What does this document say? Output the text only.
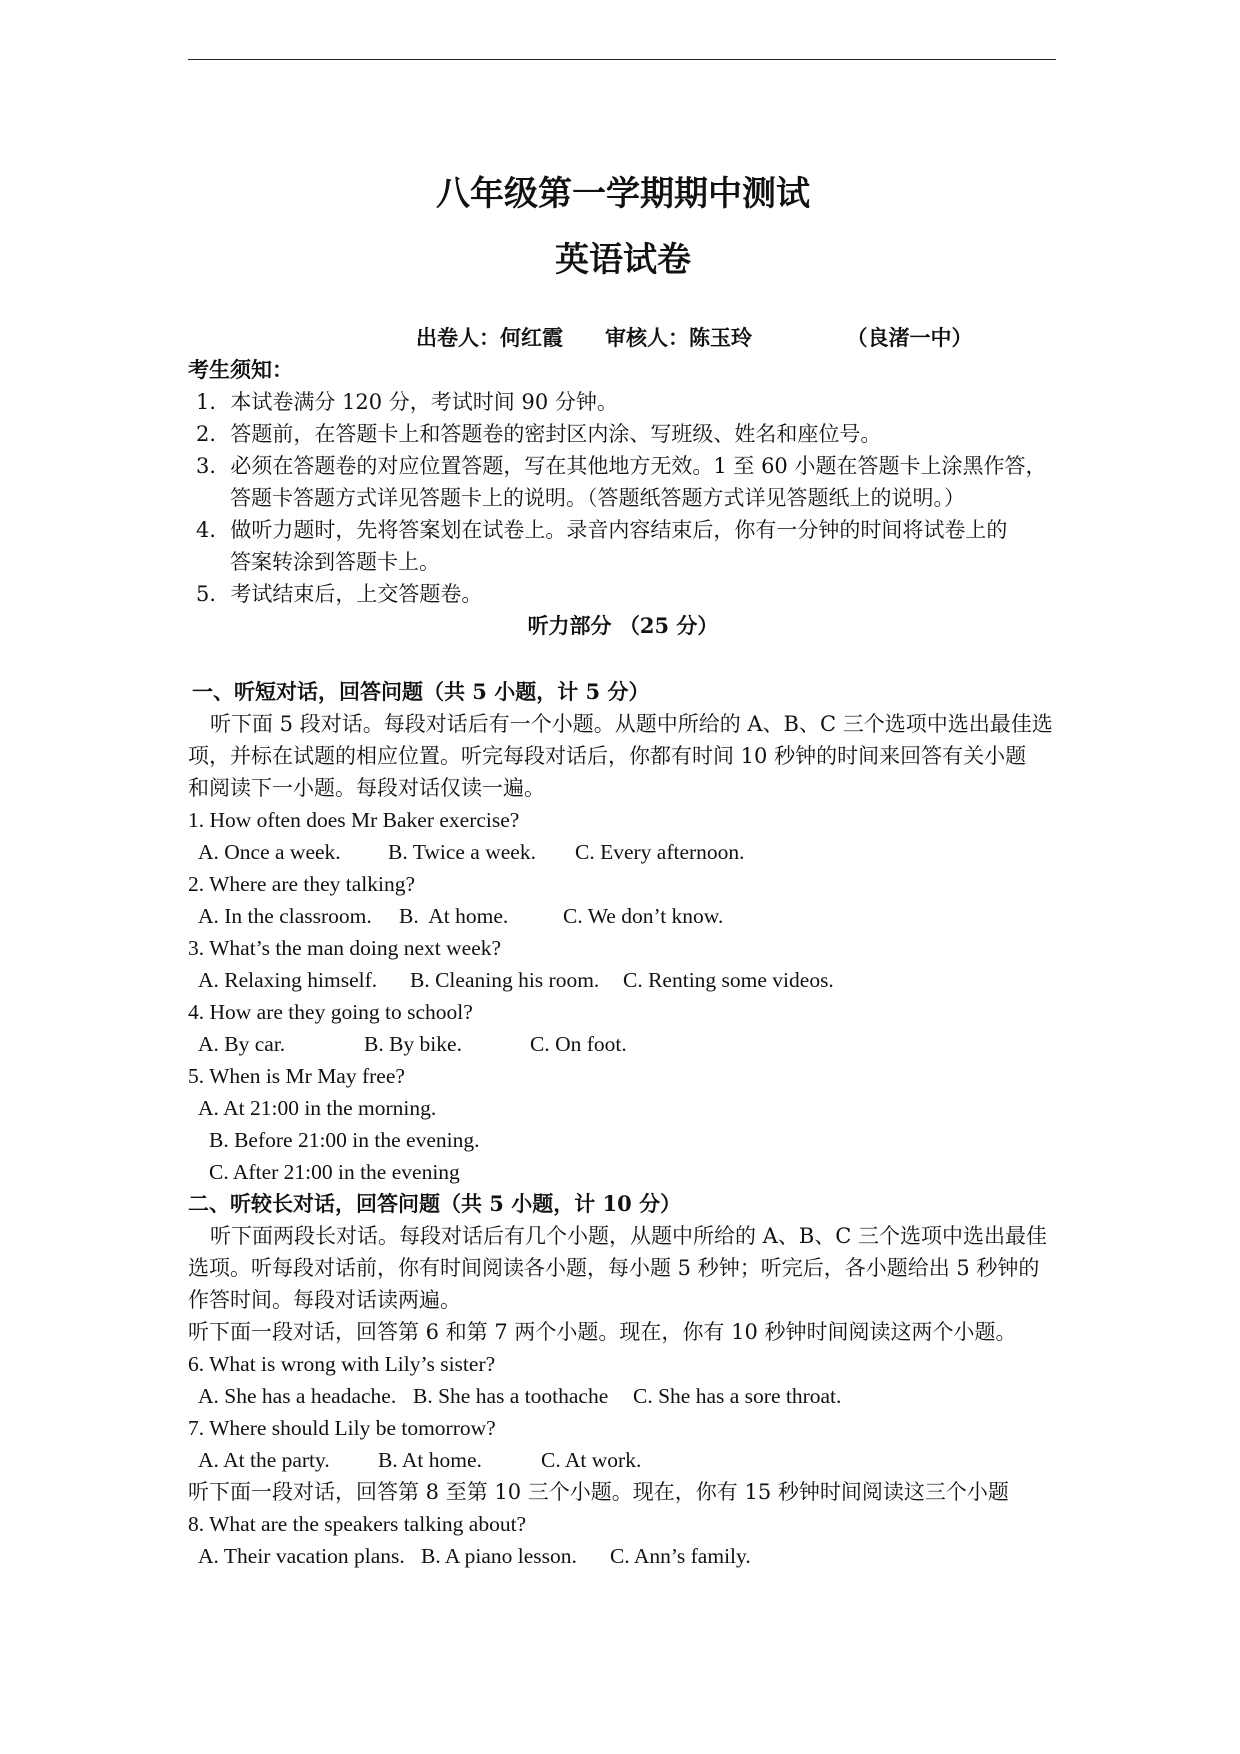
八年级第一学期期中测试
英语试卷
出卷人：何红霞　　审核人：陈玉玲　　　　　（良渚一中）
考生须知：
1．本试卷满分 120 分，考试时间 90 分钟。
2．答题前，在答题卡上和答题卷的密封区内涂、写班级、姓名和座位号。
3．必须在答题卷的对应位置答题，写在其他地方无效。1 至 60 小题在答题卡上涂黑作答，
答题卡答题方式详见答题卡上的说明。（答题纸答题方式详见答题纸上的说明。）
4．做听力题时，先将答案划在试卷上。录音内容结束后，你有一分钟的时间将试卷上的
答案转涂到答题卡上。
5．考试结束后，上交答题卷。
听力部分 （25 分）
一、听短对话，回答问题（共 5 小题，计 5 分）
听下面 5 段对话。每段对话后有一个小题。从题中所给的 A、B、C 三个选项中选出最佳选
项，并标在试题的相应位置。听完每段对话后，你都有时间 10 秒钟的时间来回答有关小题
和阅读下一小题。每段对话仅读一遍。
1. How often does Mr Baker exercise?
A. Once a week. B. Twice a week. C. Every afternoon.
2. Where are they talking?
A. In the classroom. B.  At home.	C. We don’t know.
3. What’s the man doing next week?
A. Relaxing himself. B. Cleaning his room. C. Renting some videos.
4. How are they going to school?
A. By car.	B. By bike.	C. On foot.
5. When is Mr May free?
A. At 21:00 in the morning.
B. Before 21:00 in the evening.
C. After 21:00 in the evening
二、听较长对话，回答问题（共 5 小题，计 10 分）
听下面两段长对话。每段对话后有几个小题，从题中所给的 A、B、C 三个选项中选出最佳
选项。听每段对话前，你有时间阅读各小题，每小题 5 秒钟；听完后，各小题给出 5 秒钟的
作答时间。每段对话读两遍。
听下面一段对话，回答第 6 和第 7 两个小题。现在，你有 10 秒钟时间阅读这两个小题。
6. What is wrong with Lily’s sister?
A. She has a headache. B. She has a toothache C. She has a sore throat.
7. Where should Lily be tomorrow?
A. At the party. B. At home.	C. At work.
听下面一段对话，回答第 8 至第 10 三个小题。现在，你有 15 秒钟时间阅读这三个小题
8. What are the speakers talking about?
A. Their vacation plans. B. A piano lesson. C. Ann’s family.
